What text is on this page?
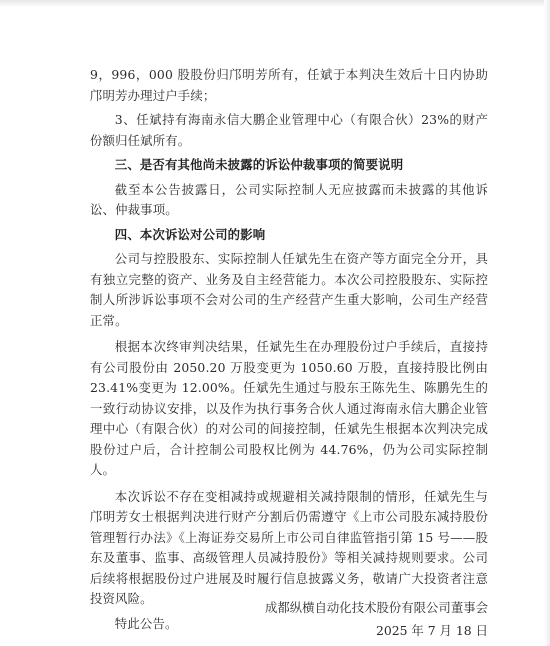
9，996，000 股股份归邝明芳所有，任斌于本判决生效后十日内协助邝明芳办理过户手续；

3、任斌持有海南永信大鹏企业管理中心（有限合伙）23%的财产份额归任斌所有。

三、是否有其他尚未披露的诉讼仲裁事项的简要说明

截至本公告披露日，公司实际控制人无应披露而未披露的其他诉讼、仲裁事项。

四、本次诉讼对公司的影响

公司与控股股东、实际控制人任斌先生在资产等方面完全分开，具有独立完整的资产、业务及自主经营能力。本次公司控股股东、实际控制人所涉诉讼事项不会对公司的生产经营产生重大影响，公司生产经营正常。

根据本次终审判决结果，任斌先生在办理股份过户手续后，直接持有公司股份由 2050.20 万股变更为 1050.60 万股，直接持股比例由 23.41%变更为 12.00%。任斌先生通过与股东王陈先生、陈鹏先生的一致行动协议安排，以及作为执行事务合伙人通过海南永信大鹏企业管理中心（有限合伙）的对公司的间接控制，任斌先生根据本次判决完成股份过户后，合计控制公司股权比例为 44.76%，仍为公司实际控制人。

本次诉讼不存在变相减持或规避相关减持限制的情形，任斌先生与邝明芳女士根据判决进行财产分割后仍需遵守《上市公司股东减持股份管理暂行办法》《上海证券交易所上市公司自律监管指引第 15 号——股东及董事、监事、高级管理人员减持股份》等相关减持规则要求。公司后续将根据股份过户进展及时履行信息披露义务，敬请广大投资者注意投资风险。

特此公告。

成都纵横自动化技术股份有限公司董事会
2025 年 7 月 18 日
